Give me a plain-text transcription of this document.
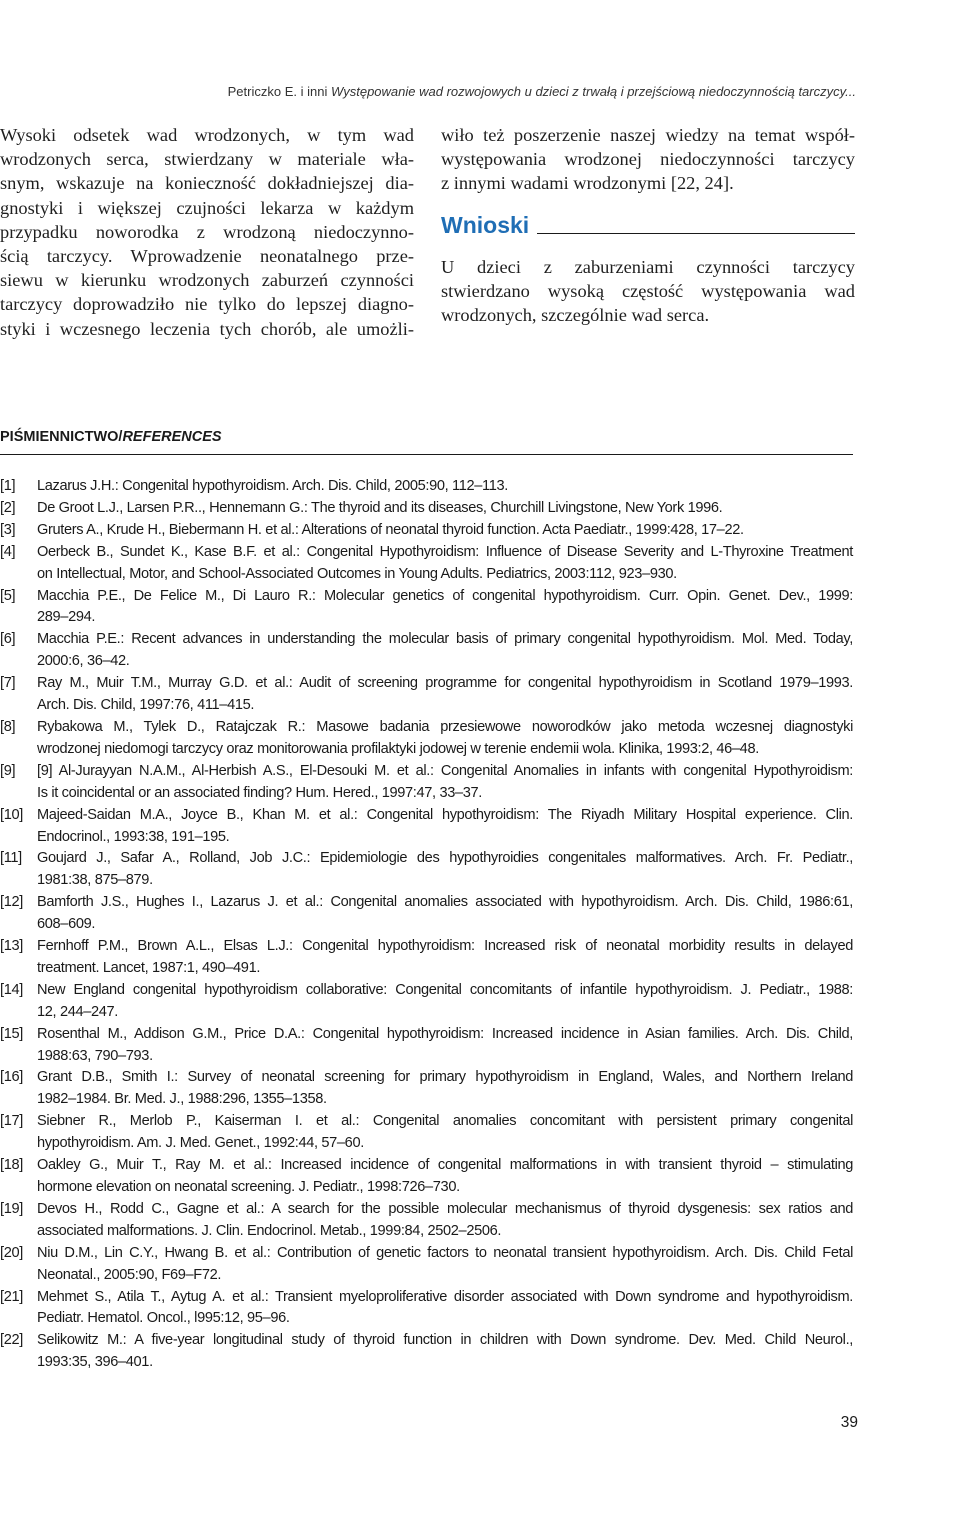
Petriczko E. i inni Występowanie wad rozwojowych u dzieci z trwałą i przejściową niedoczynnością tarczycy...
Wysoki odsetek wad wrodzonych, w tym wad
wrodzonych serca, stwierdzany w materiale wła-
snym, wskazuje na konieczność dokładniejszej dia-
gnostyki i większej czujności lekarza w każdym
przypadku noworodka z wrodzoną niedoczynno-
ścią tarczycy. Wprowadzenie neonatalnego prze-
siewu w kierunku wrodzonych zaburzeń czynności
tarczycy doprowadziło nie tylko do lepszej diagno-
styki i wczesnego leczenia tych chorób, ale umożli-
wiło też poszerzenie naszej wiedzy na temat współ-
występowania wrodzonej niedoczynności tarczycy
z innymi wadami wrodzonymi [22, 24].
Wnioski
U dzieci z zaburzeniami czynności tarczycy
stwierdzano wysoką częstość występowania wad
wrodzonych, szczególnie wad serca.
PIŚMIENNICTWO/REFERENCES
[1] Lazarus J.H.: Congenital hypothyroidism. Arch. Dis. Child, 2005:90, 112–113.
[2] De Groot L.J., Larsen P.R.., Hennemann G.: The thyroid and its diseases, Churchill Livingstone, New York 1996.
[3] Gruters A., Krude H., Biebermann H. et al.: Alterations of neonatal thyroid function. Acta Paediatr., 1999:428, 17–22.
[4] Oerbeck B., Sundet K., Kase B.F. et al.: Congenital Hypothyroidism: Influence of Disease Severity and L-Thyroxine Treatment
on Intellectual, Motor, and School-Associated Outcomes in Young Adults. Pediatrics, 2003:112, 923–930.
[5] Macchia P.E., De Felice M., Di Lauro R.: Molecular genetics of congenital hypothyroidism. Curr. Opin. Genet. Dev., 1999:
289–294.
[6] Macchia P.E.: Recent advances in understanding the molecular basis of primary congenital hypothyroidism. Mol. Med. Today,
2000:6, 36–42.
[7] Ray M., Muir T.M., Murray G.D. et al.: Audit of screening programme for congenital hypothyroidism in Scotland 1979–1993.
Arch. Dis. Child, 1997:76, 411–415.
[8] Rybakowa M., Tylek D., Ratajczak R.: Masowe badania przesiewowe noworodków jako metoda wczesnej diagnostyki
wrodzonej niedomogi tarczycy oraz monitorowania profilaktyki jodowej w terenie endemii wola. Klinika, 1993:2, 46–48.
[9] [9] Al-Jurayyan N.A.M., Al-Herbish A.S., El-Desouki M. et al.: Congenital Anomalies in infants with congenital Hypothyroidism:
Is it coincidental or an associated finding? Hum. Hered., 1997:47, 33–37.
[10] Majeed-Saidan M.A., Joyce B., Khan M. et al.: Congenital hypothyroidism: The Riyadh Military Hospital experience. Clin.
Endocrinol., 1993:38, 191–195.
[11] Goujard J., Safar A., Rolland, Job J.C.: Epidemiologie des hypothyroidies congenitales malformatives. Arch. Fr. Pediatr.,
1981:38, 875–879.
[12] Bamforth J.S., Hughes I., Lazarus J. et al.: Congenital anomalies associated with hypothyroidism. Arch. Dis. Child, 1986:61,
608–609.
[13] Fernhoff P.M., Brown A.L., Elsas L.J.: Congenital hypothyroidism: Increased risk of neonatal morbidity results in delayed
treatment. Lancet, 1987:1, 490–491.
[14] New England congenital hypothyroidism collaborative: Congenital concomitants of infantile hypothyroidism. J. Pediatr., 1988:
12, 244–247.
[15] Rosenthal M., Addison G.M., Price D.A.: Congenital hypothyroidism: Increased incidence in Asian families. Arch. Dis. Child,
1988:63, 790–793.
[16] Grant D.B., Smith I.: Survey of neonatal screening for primary hypothyroidism in England, Wales, and Northern Ireland
1982–1984. Br. Med. J., 1988:296, 1355–1358.
[17] Siebner R., Merlob P., Kaiserman I. et al.: Congenital anomalies concomitant with persistent primary congenital
hypothyroidism. Am. J. Med. Genet., 1992:44, 57–60.
[18] Oakley G., Muir T., Ray M. et al.: Increased incidence of congenital malformations in with transient thyroid – stimulating
hormone elevation on neonatal screening. J. Pediatr., 1998:726–730.
[19] Devos H., Rodd C., Gagne et al.: A search for the possible molecular mechanismus of thyroid dysgenesis: sex ratios and
associated malformations. J. Clin. Endocrinol. Metab., 1999:84, 2502–2506.
[20] Niu D.M., Lin C.Y., Hwang B. et al.: Contribution of genetic factors to neonatal transient hypothyroidism. Arch. Dis. Child Fetal
Neonatal., 2005:90, F69–F72.
[21] Mehmet S., Atila T., Aytug A. et al.: Transient myeloproliferative disorder associated with Down syndrome and hypothyroidism.
Pediatr. Hematol. Oncol., l995:12, 95–96.
[22] Selikowitz M.: A five-year longitudinal study of thyroid function in children with Down syndrome. Dev. Med. Child Neurol.,
1993:35, 396–401.
39
